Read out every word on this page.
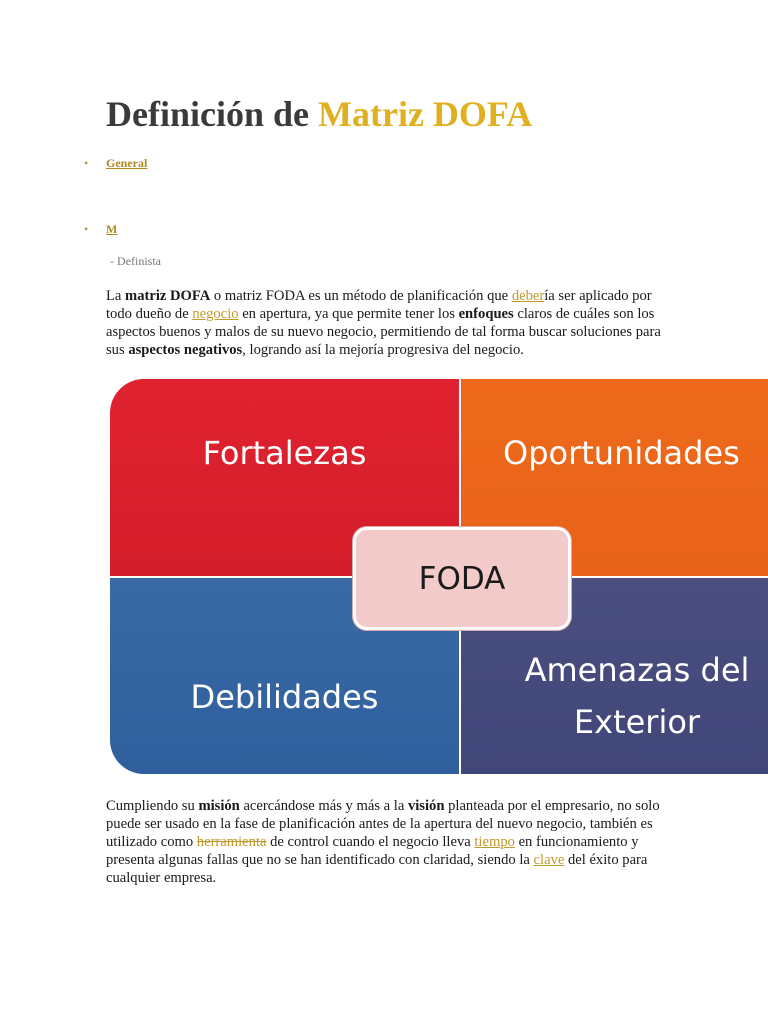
Definición de Matriz DOFA
• General
• M
- Definista

La matriz DOFA o matriz FODA es un método de planificación que debería ser aplicado por todo dueño de negocio en apertura, ya que permite tener los enfoques claros de cuáles son los aspectos buenos y malos de su nuevo negocio, permitiendo de tal forma buscar soluciones para sus aspectos negativos, logrando así la mejoría progresiva del negocio.

Fortalezas	Oportunidades
Debilidades
Amenazas del
Exterior
FODA

Cumpliendo su misión acercándose más y más a la visión planteada por el empresario, no solo puede ser usado en la fase de planificación antes de la apertura del nuevo negocio, también es utilizado como herramienta de control cuando el negocio lleva tiempo en funcionamiento y presenta algunas fallas que no se han identificado con claridad, siendo la clave del éxito para cualquier empresa.
